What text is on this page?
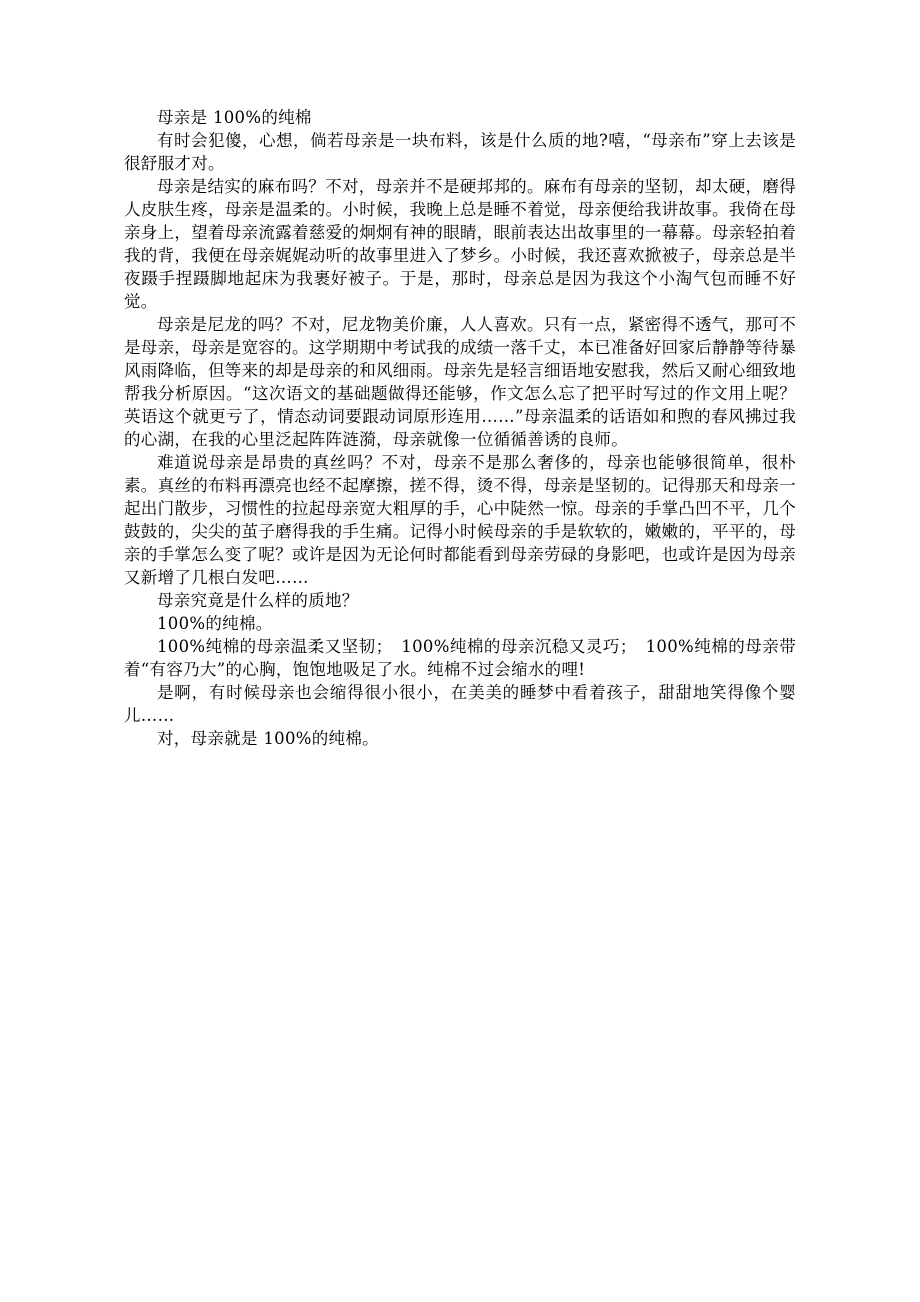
母亲是 100%的纯棉

有时会犯傻，心想，倘若母亲是一块布料，该是什么质的地?嘻，“母亲布”穿上去该是很舒服才对。

母亲是结实的麻布吗？不对，母亲并不是硬邦邦的。麻布有母亲的坚韧，却太硬，磨得人皮肤生疼，母亲是温柔的。小时候，我晚上总是睡不着觉，母亲便给我讲故事。我倚在母亲身上，望着母亲流露着慈爱的炯炯有神的眼睛，眼前表达出故事里的一幕幕。母亲轻拍着我的背，我便在母亲娓娓动听的故事里进入了梦乡。小时候，我还喜欢掀被子，母亲总是半夜蹑手捏蹑脚地起床为我裹好被子。于是，那时，母亲总是因为我这个小淘气包而睡不好觉。

母亲是尼龙的吗？不对，尼龙物美价廉，人人喜欢。只有一点，紧密得不透气，那可不是母亲，母亲是宽容的。这学期期中考试我的成绩一落千丈，本已准备好回家后静静等待暴风雨降临，但等来的却是母亲的和风细雨。母亲先是轻言细语地安慰我，然后又耐心细致地帮我分析原因。“这次语文的基础题做得还能够，作文怎么忘了把平时写过的作文用上呢？英语这个就更亏了，情态动词要跟动词原形连用……”母亲温柔的话语如和煦的春风拂过我的心湖，在我的心里泛起阵阵涟漪，母亲就像一位循循善诱的良师。

难道说母亲是昂贵的真丝吗？不对，母亲不是那么奢侈的，母亲也能够很简单，很朴素。真丝的布料再漂亮也经不起摩擦，搓不得，烫不得，母亲是坚韧的。记得那天和母亲一起出门散步，习惯性的拉起母亲宽大粗厚的手，心中陡然一惊。母亲的手掌凸凹不平，几个鼓鼓的，尖尖的茧子磨得我的手生痛。记得小时候母亲的手是软软的，嫩嫩的，平平的，母亲的手掌怎么变了呢？或许是因为无论何时都能看到母亲劳碌的身影吧，也或许是因为母亲又新增了几根白发吧……

母亲究竟是什么样的质地？

100%的纯棉。

100%纯棉的母亲温柔又坚韧；　100%纯棉的母亲沉稳又灵巧；　100%纯棉的母亲带着“有容乃大”的心胸，饱饱地吸足了水。纯棉不过会缩水的哩!

是啊，有时候母亲也会缩得很小很小，在美美的睡梦中看着孩子，甜甜地笑得像个婴儿……

对，母亲就是 100%的纯棉。
